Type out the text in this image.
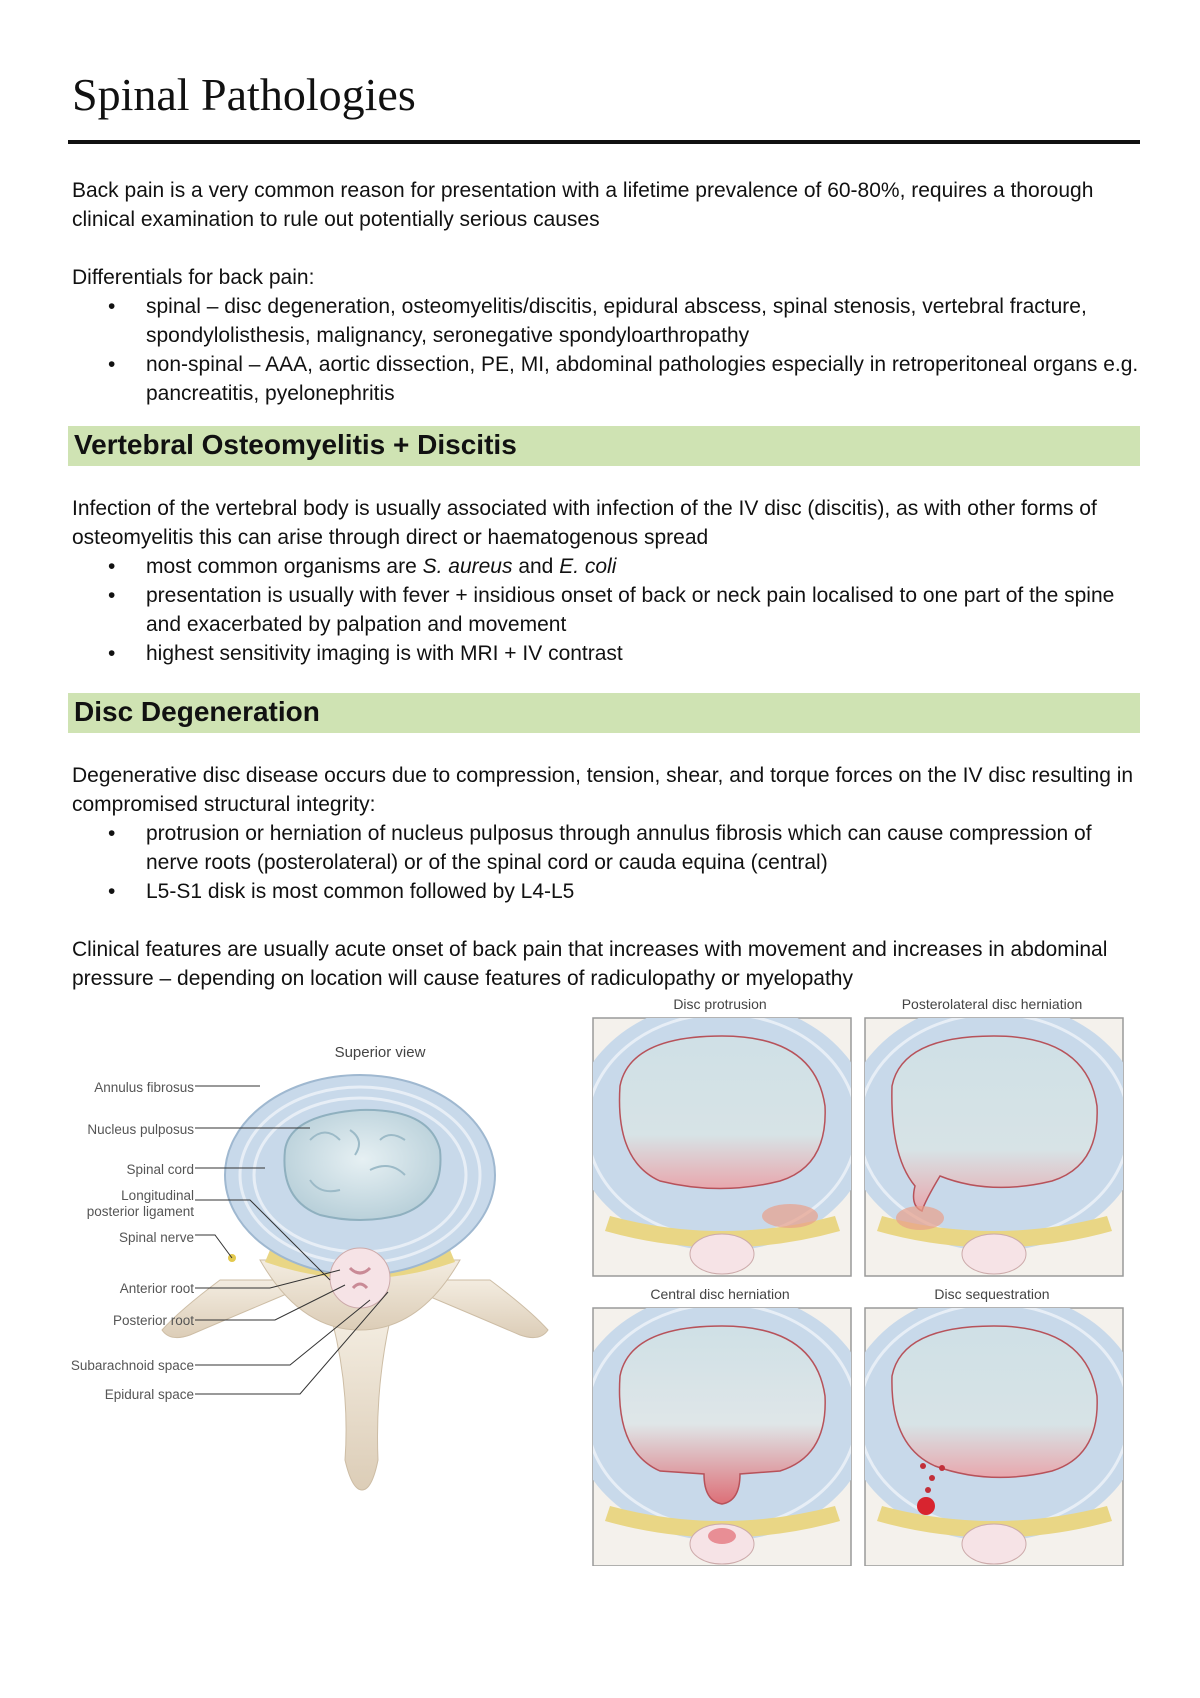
Spinal Pathologies

Back pain is a very common reason for presentation with a lifetime prevalence of 60-80%, requires a thorough clinical examination to rule out potentially serious causes

Differentials for back pain:

• spinal – disc degeneration, osteomyelitis/discitis, epidural abscess, spinal stenosis, vertebral fracture, spondylolisthesis, malignancy, seronegative spondyloarthropathy
• non-spinal – AAA, aortic dissection, PE, MI, abdominal pathologies especially in retroperitoneal organs e.g. pancreatitis, pyelonephritis
Vertebral Osteomyelitis + Discitis

Infection of the vertebral body is usually associated with infection of the IV disc (discitis), as with other forms of osteomyelitis this can arise through direct or haematogenous spread

• most common organisms are S. aureus and E. coli
• presentation is usually with fever + insidious onset of back or neck pain localised to one part of the spine and exacerbated by palpation and movement
• highest sensitivity imaging is with MRI + IV contrast
Disc Degeneration

Degenerative disc disease occurs due to compression, tension, shear, and torque forces on the IV disc resulting in compromised structural integrity:

• protrusion or herniation of nucleus pulposus through annulus fibrosis which can cause compression of nerve roots (posterolateral) or of the spinal cord or cauda equina (central)
• L5-S1 disk is most common followed by L4-L5

Clinical features are usually acute onset of back pain that increases with movement and increases in abdominal pressure – depending on location will cause features of radiculopathy or myelopathy

Superior view
Annulus fibrosus
Nucleus pulposus
Spinal cord
Longitudinal
posterior ligament
Spinal nerve
Anterior root
Posterior root
Subarachnoid space
Epidural space
Disc protrusion	Posterolateral disc herniation
Central disc herniation	Disc sequestration
